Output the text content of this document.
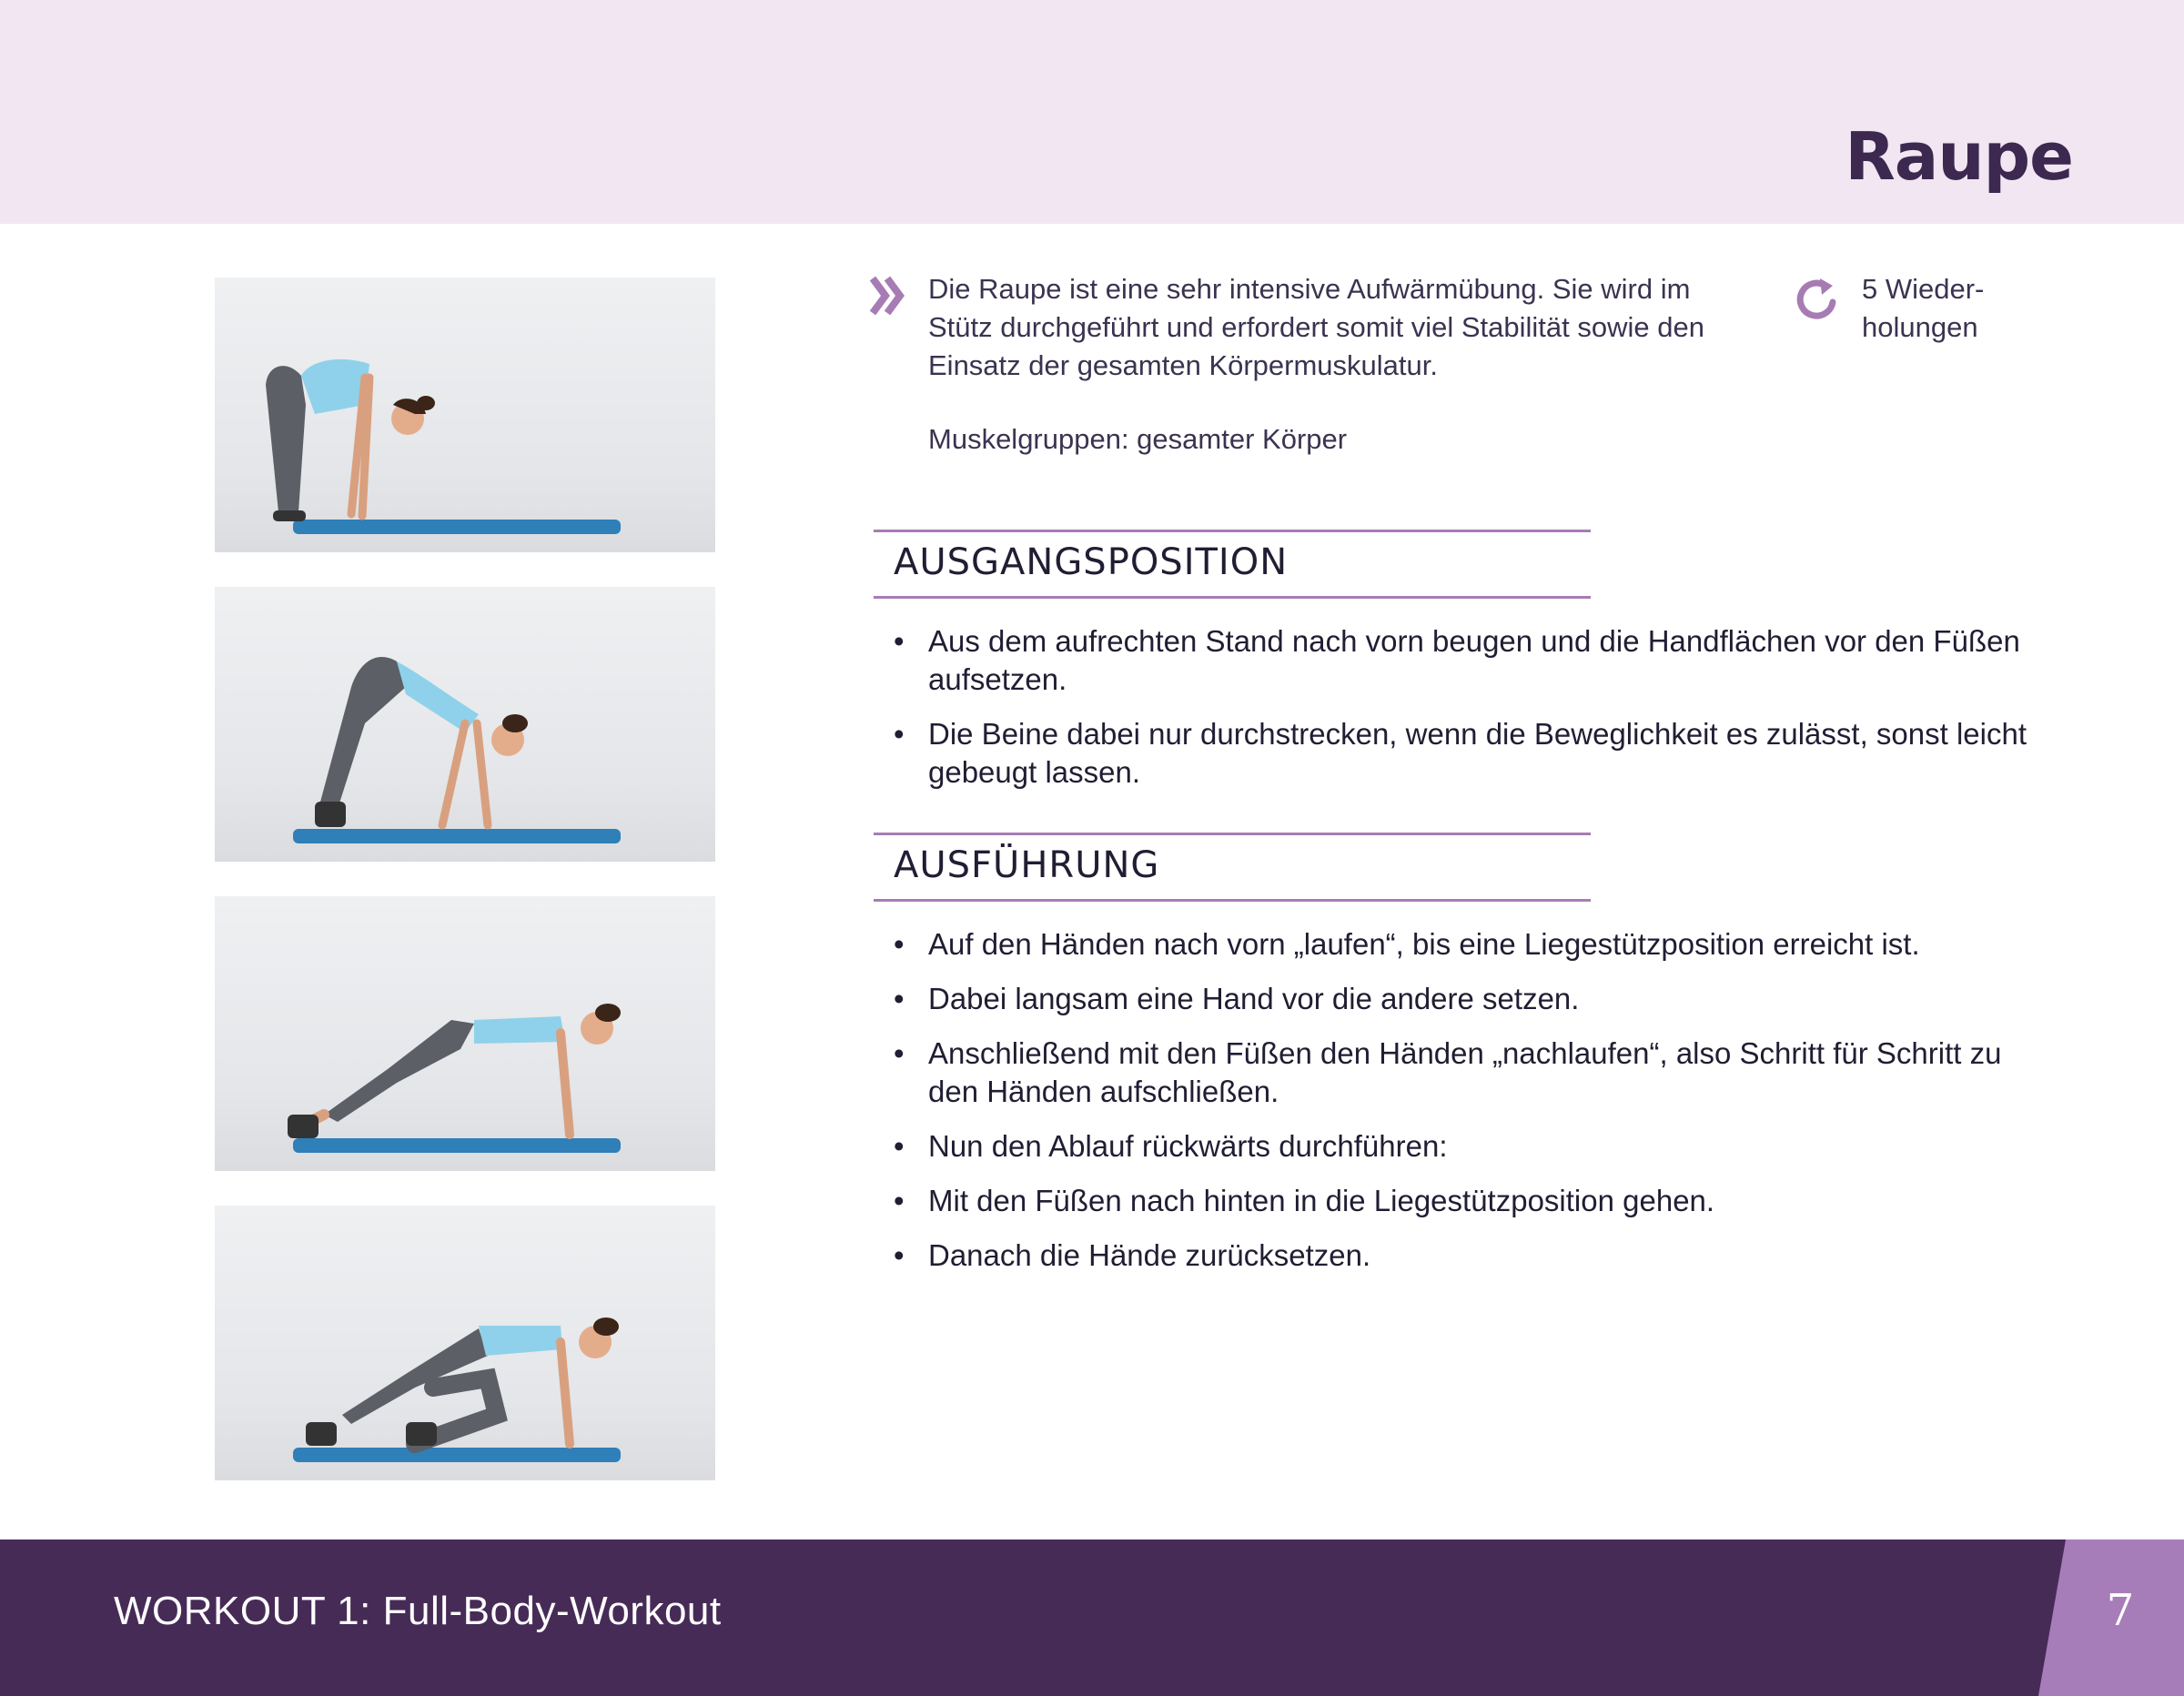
Raupe
Die Raupe ist eine sehr intensive Aufwärmübung. Sie wird im Stütz durchgeführt und erfordert somit viel Stabilität sowie den Einsatz der gesamten Körpermuskulatur.
Muskelgruppen: gesamter Körper
5 Wieder-
holungen
AUSGANGSPOSITION
• Aus dem aufrechten Stand nach vorn beugen und die Handflächen vor den Füßen aufsetzen.
• Die Beine dabei nur durchstrecken, wenn die Beweglichkeit es zulässt, sonst leicht gebeugt lassen.
AUSFÜHRUNG
• Auf den Händen nach vorn „laufen“, bis eine Liegestützposition erreicht ist.
• Dabei langsam eine Hand vor die andere setzen.
• Anschließend mit den Füßen den Händen „nachlaufen“, also Schritt für Schritt zu den Händen aufschließen.
• Nun den Ablauf rückwärts durchführen:
• Mit den Füßen nach hinten in die Liegestützposition gehen.
• Danach die Hände zurücksetzen.
WORKOUT 1: Full-Body-Workout	7
